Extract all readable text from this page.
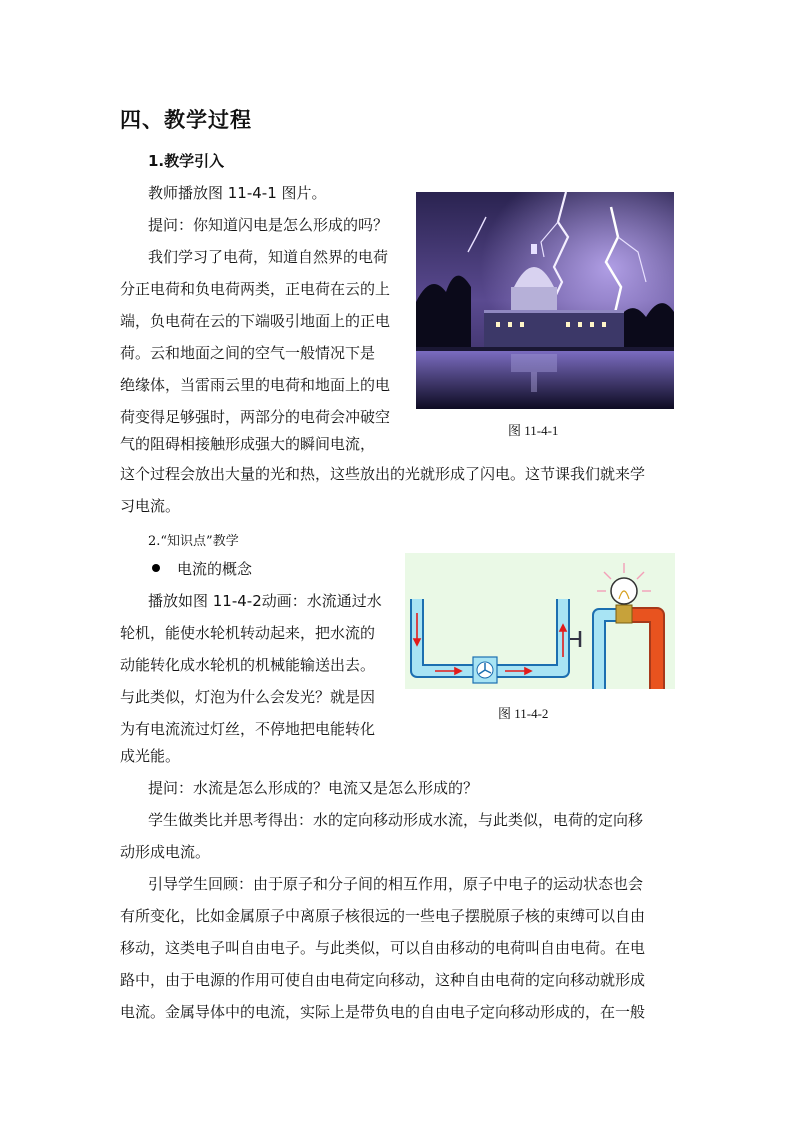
四、教学过程
1.教学引入
教师播放图 11-4-1 图片。
提问：你知道闪电是怎么形成的吗？
我们学习了电荷，知道自然界的电荷
分正电荷和负电荷两类，正电荷在云的上
端，负电荷在云的下端吸引地面上的正电
荷。云和地面之间的空气一般情况下是
绝缘体，当雷雨云里的电荷和地面上的电
荷变得足够强时，两部分的电荷会冲破空
气的阻碍相接触形成强大的瞬间电流，
这个过程会放出大量的光和热，这些放出的光就形成了闪电。这节课我们就来学
习电流。
图 11-4-1
2.“知识点”教学
电流的概念
播放如图 11-4-2动画：水流通过水
轮机，能使水轮机转动起来，把水流的
动能转化成水轮机的机械能输送出去。
与此类似，灯泡为什么会发光？就是因
为有电流流过灯丝，不停地把电能转化
成光能。
图 11-4-2
提问：水流是怎么形成的？电流又是怎么形成的？
学生做类比并思考得出：水的定向移动形成水流，与此类似，电荷的定向移
动形成电流。
引导学生回顾：由于原子和分子间的相互作用，原子中电子的运动状态也会
有所变化，比如金属原子中离原子核很远的一些电子摆脱原子核的束缚可以自由
移动，这类电子叫自由电子。与此类似，可以自由移动的电荷叫自由电荷。在电
路中，由于电源的作用可使自由电荷定向移动，这种自由电荷的定向移动就形成
电流。金属导体中的电流，实际上是带负电的自由电子定向移动形成的，在一般
